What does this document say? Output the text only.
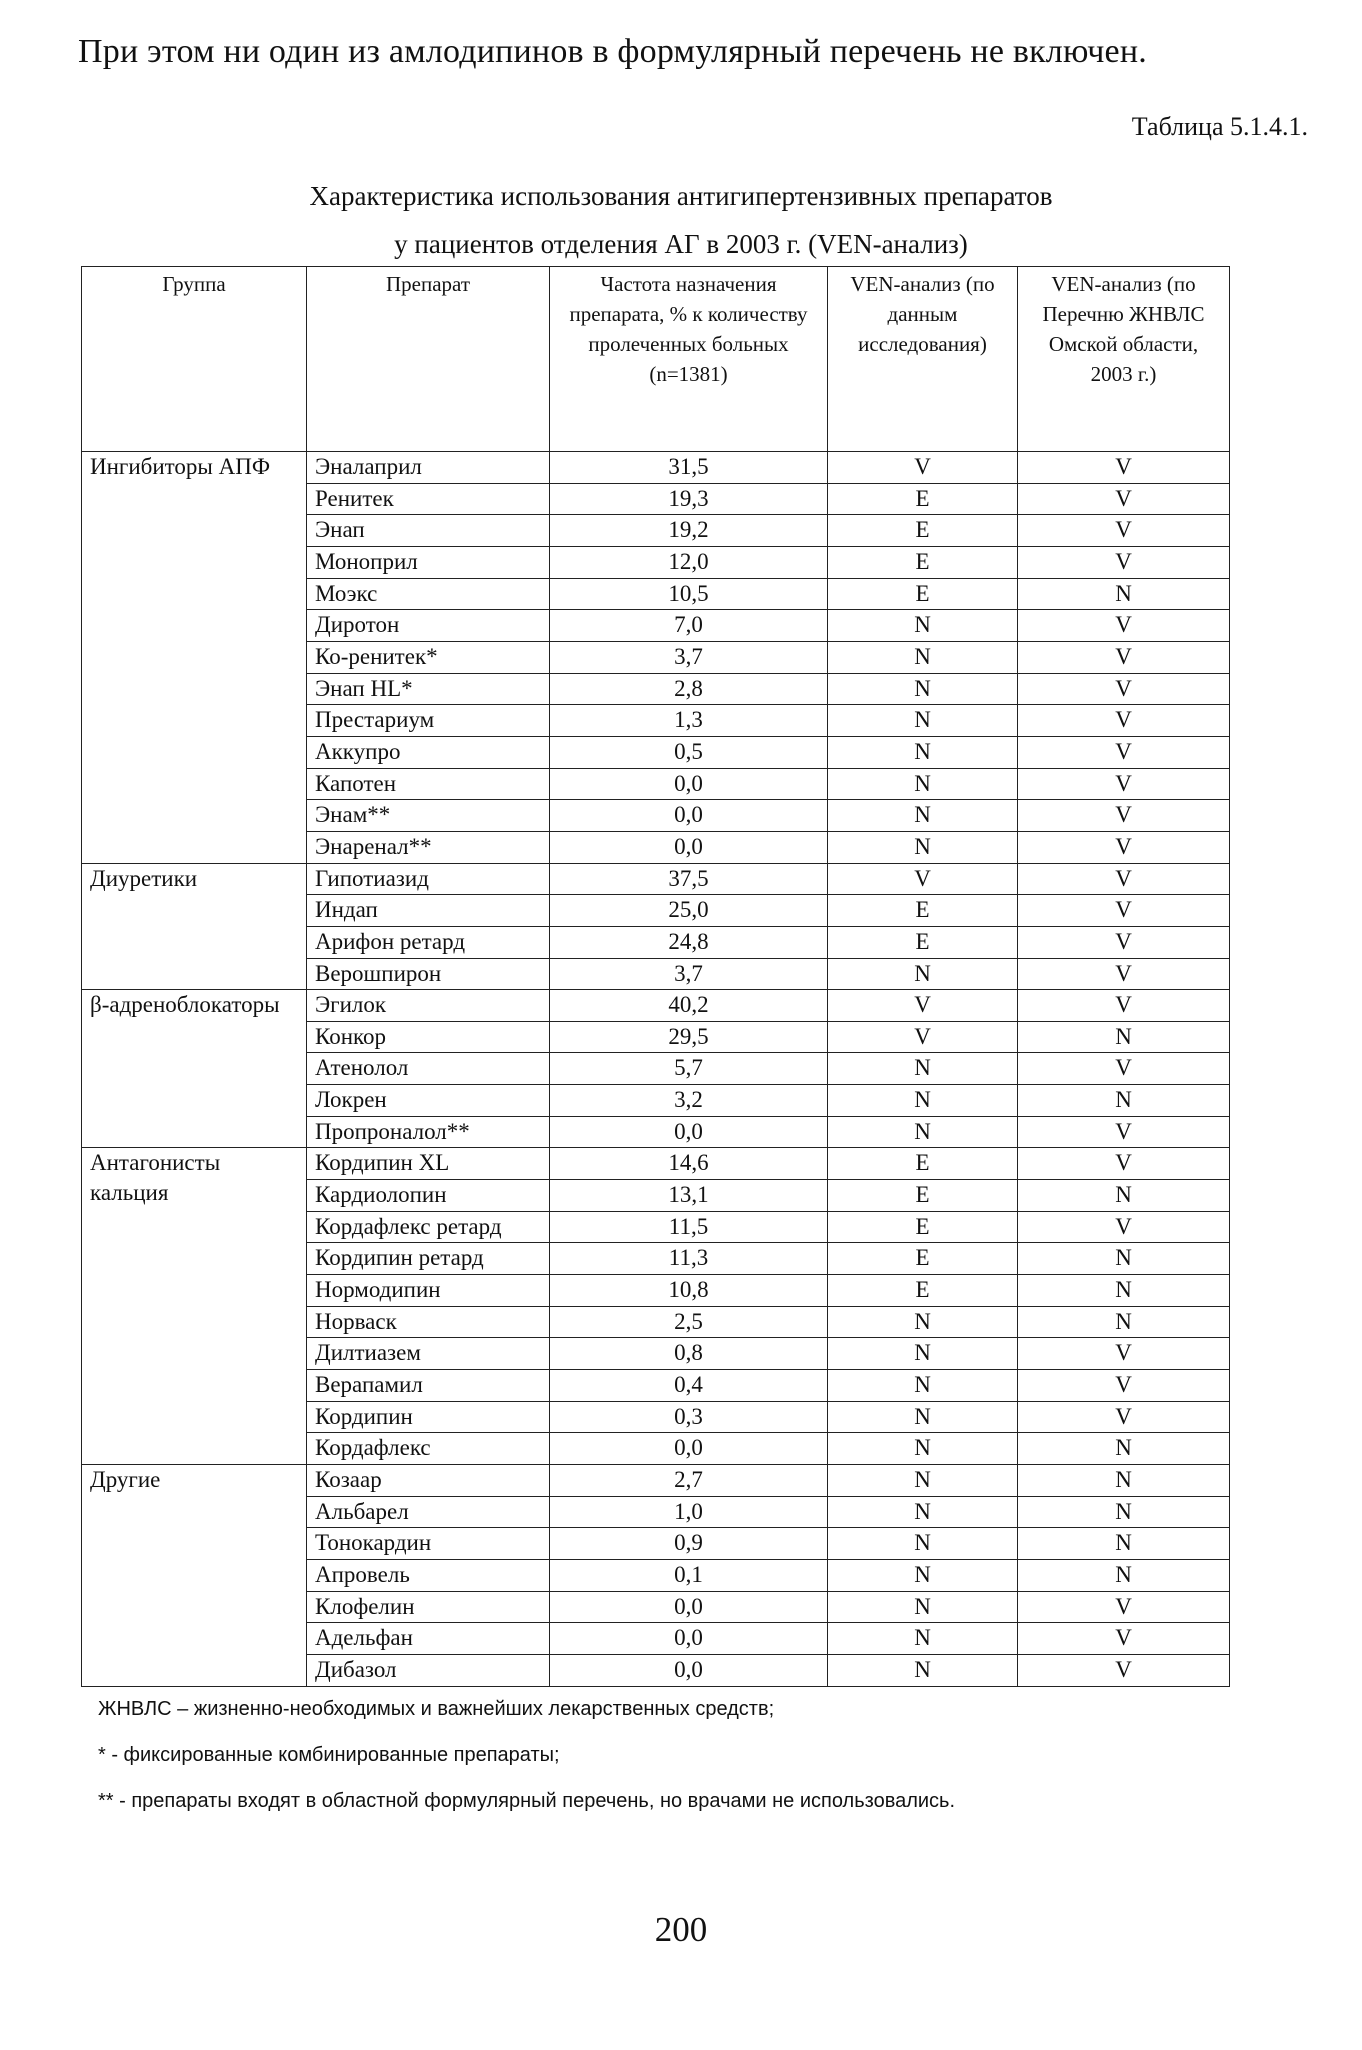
При этом ни один из амлодипинов в формулярный перечень не включен.
Таблица 5.1.4.1.
Характеристика использования антигипертензивных препаратов
у пациентов отделения АГ в 2003 г. (VEN-анализ)
Группа	Препарат	Частота назначения препарата, % к количеству пролеченных больных (n=1381)	VEN-анализ (по данным исследования)	VEN-анализ (по Перечню ЖНВЛС Омской области, 2003 г.)
Ингибиторы АПФ	Эналаприл	31,5	V	V
	Ренитек	19,3	E	V
	Энап	19,2	E	V
	Моноприл	12,0	E	V
	Моэкс	10,5	E	N
	Диротон	7,0	N	V
	Ко-ренитек*	3,7	N	V
	Энап HL*	2,8	N	V
	Престариум	1,3	N	V
	Аккупро	0,5	N	V
	Капотен	0,0	N	V
	Энам**	0,0	N	V
	Энаренал**	0,0	N	V
Диуретики	Гипотиазид	37,5	V	V
	Индап	25,0	E	V
	Арифон ретард	24,8	E	V
	Верошпирон	3,7	N	V
β-адреноблокаторы	Эгилок	40,2	V	V
	Конкор	29,5	V	N
	Атенолол	5,7	N	V
	Локрен	3,2	N	N
	Пропроналол**	0,0	N	V
Антагонисты кальция	Кордипин XL	14,6	E	V
	Кардиолопин	13,1	E	N
	Кордафлекс ретард	11,5	E	V
	Кордипин ретард	11,3	E	N
	Нормодипин	10,8	E	N
	Норваск	2,5	N	N
	Дилтиазем	0,8	N	V
	Верапамил	0,4	N	V
	Кордипин	0,3	N	V
	Кордафлекс	0,0	N	N
Другие	Козаар	2,7	N	N
	Альбарел	1,0	N	N
	Тонокардин	0,9	N	N
	Апровель	0,1	N	N
	Клофелин	0,0	N	V
	Адельфан	0,0	N	V
	Дибазол	0,0	N	V
ЖНВЛС – жизненно-необходимых и важнейших лекарственных средств;
* - фиксированные комбинированные препараты;
** - препараты входят в областной формулярный перечень, но врачами не использовались.
200
